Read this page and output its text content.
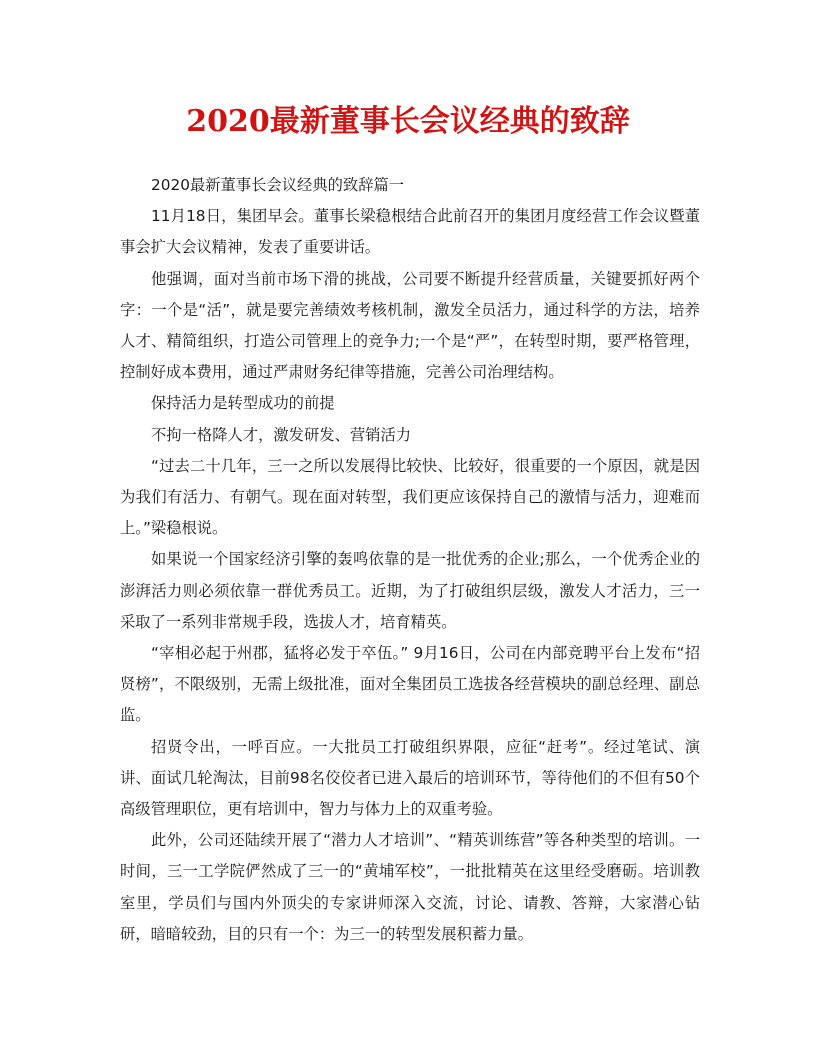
2020最新董事长会议经典的致辞

2020最新董事长会议经典的致辞篇一

11月18日，集团早会。董事长梁稳根结合此前召开的集团月度经营工作会议暨董事会扩大会议精神，发表了重要讲话。

他强调，面对当前市场下滑的挑战，公司要不断提升经营质量，关键要抓好两个字：一个是“活”，就是要完善绩效考核机制，激发全员活力，通过科学的方法，培养人才、精简组织，打造公司管理上的竞争力;一个是“严”，在转型时期，要严格管理，控制好成本费用，通过严肃财务纪律等措施，完善公司治理结构。

保持活力是转型成功的前提

不拘一格降人才，激发研发、营销活力

“过去二十几年，三一之所以发展得比较快、比较好，很重要的一个原因，就是因为我们有活力、有朝气。现在面对转型，我们更应该保持自己的激情与活力，迎难而上。”梁稳根说。

如果说一个国家经济引擎的轰鸣依靠的是一批优秀的企业;那么，一个优秀企业的澎湃活力则必须依靠一群优秀员工。近期，为了打破组织层级，激发人才活力，三一采取了一系列非常规手段，选拔人才，培育精英。

“宰相必起于州郡，猛将必发于卒伍。” 9月16日，公司在内部竞聘平台上发布“招贤榜”，不限级别，无需上级批准，面对全集团员工选拔各经营模块的副总经理、副总监。

招贤令出，一呼百应。一大批员工打破组织界限，应征“赶考”。经过笔试、演讲、面试几轮淘汰，目前98名佼佼者已进入最后的培训环节，等待他们的不但有50个高级管理职位，更有培训中，智力与体力上的双重考验。

此外，公司还陆续开展了“潜力人才培训”、“精英训练营”等各种类型的培训。一时间，三一工学院俨然成了三一的“黄埔军校”，一批批精英在这里经受磨砺。培训教室里，学员们与国内外顶尖的专家讲师深入交流，讨论、请教、答辩，大家潜心钻研，暗暗较劲，目的只有一个：为三一的转型发展积蓄力量。
